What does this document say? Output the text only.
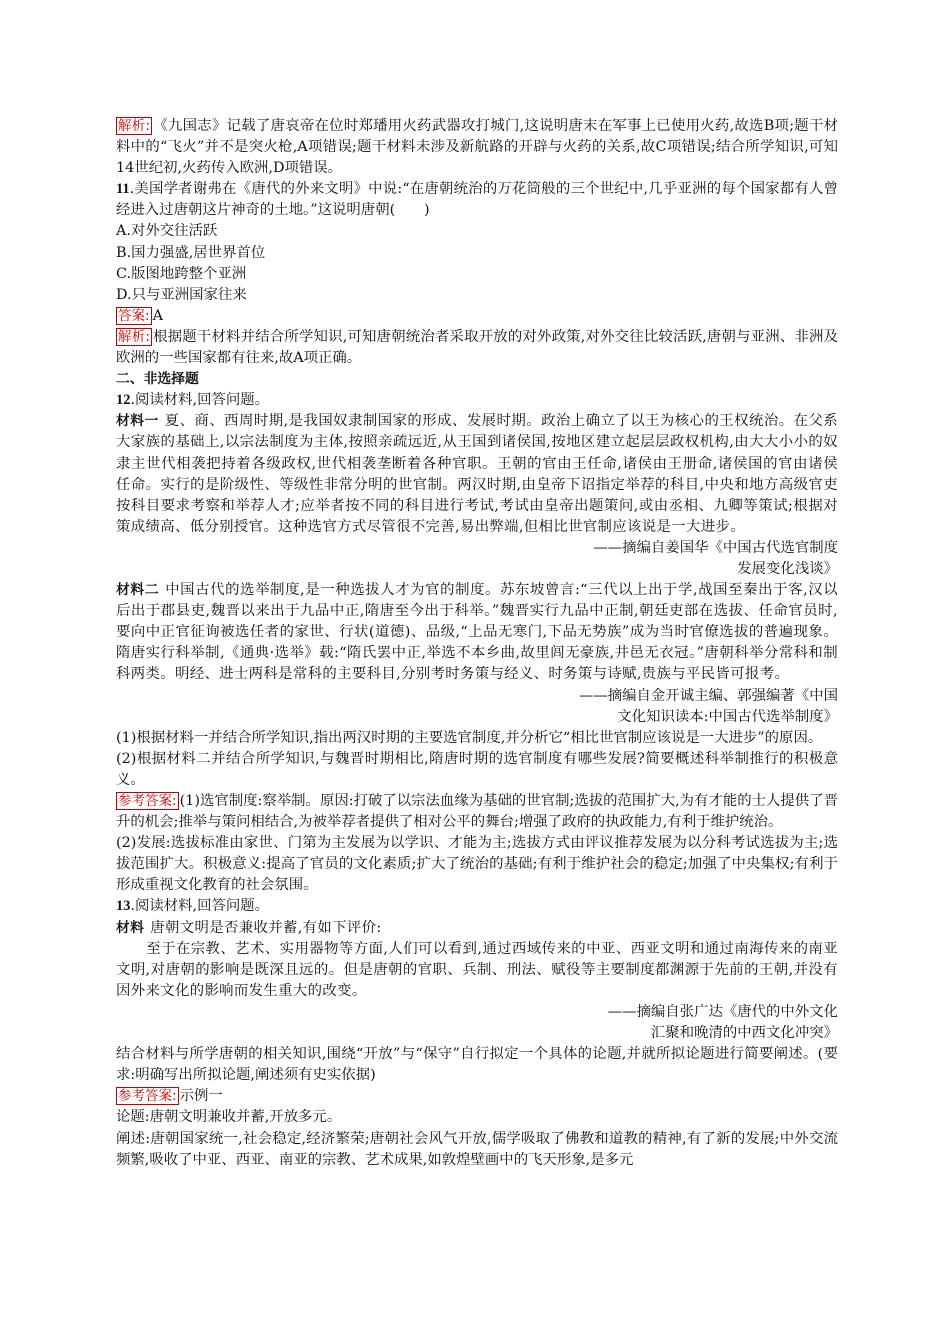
解析: 《九国志》记载了唐哀帝在位时郑璠用火药武器攻打城门,这说明唐末在军事上已使用火药,故选B项;题干材料中的“飞火”并不是突火枪,A项错误;题干材料未涉及新航路的开辟与火药的关系,故C项错误;结合所学知识,可知14世纪初,火药传入欧洲,D项错误。

11.美国学者谢弗在《唐代的外来文明》中说:“在唐朝统治的万花筒般的三个世纪中,几乎亚洲的每个国家都有人曾经进入过唐朝这片神奇的土地。”这说明唐朝(　　)

A.对外交往活跃

B.国力强盛,居世界首位

C.版图地跨整个亚洲

D.只与亚洲国家往来

答案: A

解析: 根据题干材料并结合所学知识,可知唐朝统治者采取开放的对外政策,对外交往比较活跃,唐朝与亚洲、非洲及欧洲的一些国家都有往来,故A项正确。

二、非选择题

12.阅读材料,回答问题。

材料一 夏、商、西周时期,是我国奴隶制国家的形成、发展时期。政治上确立了以王为核心的王权统治。在父系大家族的基础上,以宗法制度为主体,按照亲疏远近,从王国到诸侯国,按地区建立起层层政权机构,由大大小小的奴隶主世代相袭把持着各级政权,世代相袭垄断着各种官职。王朝的官由王任命,诸侯由王册命,诸侯国的官由诸侯任命。实行的是阶级性、等级性非常分明的世官制。两汉时期,由皇帝下诏指定举荐的科目,中央和地方高级官吏按科目要求考察和举荐人才;应举者按不同的科目进行考试,考试由皇帝出题策问,或由丞相、九卿等策试;根据对策成绩高、低分别授官。这种选官方式尽管很不完善,易出弊端,但相比世官制应该说是一大进步。

——摘编自姜国华《中国古代选官制度

发展变化浅谈》

材料二 中国古代的选举制度,是一种选拔人才为官的制度。苏东坡曾言:“三代以上出于学,战国至秦出于客,汉以后出于郡县吏,魏晋以来出于九品中正,隋唐至今出于科举。”魏晋实行九品中正制,朝廷吏部在选拔、任命官员时,要向中正官征询被选任者的家世、行状(道德)、品级,“上品无寒门,下品无势族”成为当时官僚选拔的普遍现象。隋唐实行科举制,《通典·选举》载:“隋氏罢中正,举选不本乡曲,故里闾无豪族,井邑无衣冠。”唐朝科举分常科和制科两类。明经、进士两科是常科的主要科目,分别考时务策与经义、时务策与诗赋,贵族与平民皆可报考。

——摘编自金开诚主编、郭强编著《中国

文化知识读本:中国古代选举制度》

(1)根据材料一并结合所学知识,指出两汉时期的主要选官制度,并分析它“相比世官制应该说是一大进步”的原因。

(2)根据材料二并结合所学知识,与魏晋时期相比,隋唐时期的选官制度有哪些发展?简要概述科举制推行的积极意义。

参考答案: (1)选官制度:察举制。原因:打破了以宗法血缘为基础的世官制;选拔的范围扩大,为有才能的士人提供了晋升的机会;推举与策问相结合,为被举荐者提供了相对公平的舞台;增强了政府的执政能力,有利于维护统治。

(2)发展:选拔标准由家世、门第为主发展为以学识、才能为主;选拔方式由评议推荐发展为以分科考试选拔为主;选拔范围扩大。积极意义:提高了官员的文化素质;扩大了统治的基础;有利于维护社会的稳定;加强了中央集权;有利于形成重视文化教育的社会氛围。

13.阅读材料,回答问题。

材料 唐朝文明是否兼收并蓄,有如下评价:

至于在宗教、艺术、实用器物等方面,人们可以看到,通过西域传来的中亚、西亚文明和通过南海传来的南亚文明,对唐朝的影响是既深且远的。但是唐朝的官职、兵制、刑法、赋役等主要制度都渊源于先前的王朝,并没有因外来文化的影响而发生重大的改变。

——摘编自张广达《唐代的中外文化

汇聚和晚清的中西文化冲突》

结合材料与所学唐朝的相关知识,围绕“开放”与“保守”自行拟定一个具体的论题,并就所拟论题进行简要阐述。(要求:明确写出所拟论题,阐述须有史实依据)

参考答案: 示例一

论题:唐朝文明兼收并蓄,开放多元。

阐述:唐朝国家统一,社会稳定,经济繁荣;唐朝社会风气开放,儒学吸取了佛教和道教的精神,有了新的发展;中外交流频繁,吸收了中亚、西亚、南亚的宗教、艺术成果,如敦煌壁画中的飞天形象,是多元
